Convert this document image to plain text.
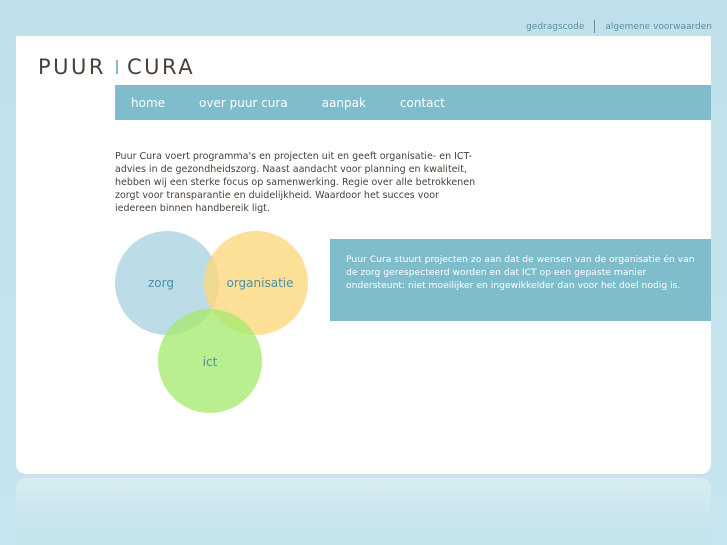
gedragscode algemene voorwaarden
PUUR CURA
home	over puur cura	aanpak	contact

Puur Cura voert programma's en projecten uit en geeft organisatie- en ICT-advies in de gezondheidszorg. Naast aandacht voor planning en kwaliteit, hebben wij een sterke focus op samenwerking. Regie over alle betrokkenen zorgt voor transparantie en duidelijkheid. Waardoor het succes voor iedereen binnen handbereik ligt.

zorg	organisatie
ict
Puur Cura stuurt projecten zo aan dat de wensen van de organisatie én van de zorg gerespecteerd worden en dat ICT op een gepaste manier ondersteunt: niet moeilijker en ingewikkelder dan voor het doel nodig is.
